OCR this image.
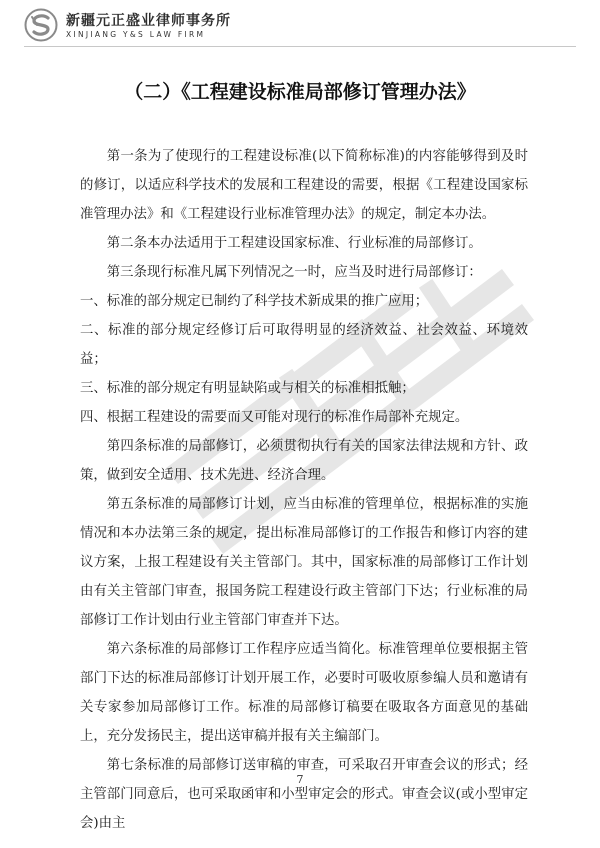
新疆元正盛业律师事务所
XINJIANG Y&S LAW FIRM
（二）《工程建设标准局部修订管理办法》

第一条为了使现行的工程建设标准(以下简称标准)的内容能够得到及时的修订，以适应科学技术的发展和工程建设的需要，根据《工程建设国家标准管理办法》和《工程建设行业标准管理办法》的规定，制定本办法。

第二条本办法适用于工程建设国家标准、行业标准的局部修订。

第三条现行标准凡属下列情况之一时，应当及时进行局部修订：

一、标准的部分规定已制约了科学技术新成果的推广应用；

二、标准的部分规定经修订后可取得明显的经济效益、社会效益、环境效益；

三、标准的部分规定有明显缺陷或与相关的标准相抵触；

四、根据工程建设的需要而又可能对现行的标准作局部补充规定。

第四条标准的局部修订，必须贯彻执行有关的国家法律法规和方针、政策，做到安全适用、技术先进、经济合理。

第五条标准的局部修订计划，应当由标准的管理单位，根据标准的实施情况和本办法第三条的规定，提出标准局部修订的工作报告和修订内容的建议方案，上报工程建设有关主管部门。其中，国家标准的局部修订工作计划由有关主管部门审查，报国务院工程建设行政主管部门下达；行业标准的局部修订工作计划由行业主管部门审查并下达。

第六条标准的局部修订工作程序应适当简化。标准管理单位要根据主管部门下达的标准局部修订计划开展工作，必要时可吸收原参编人员和邀请有关专家参加局部修订工作。标准的局部修订稿要在吸取各方面意见的基础上，充分发扬民主，提出送审稿并报有关主编部门。

第七条标准的局部修订送审稿的审查，可采取召开审查会议的形式；经主管部门同意后，也可采取函审和小型审定会的形式。审查会议(或小型审定会)由主

7
